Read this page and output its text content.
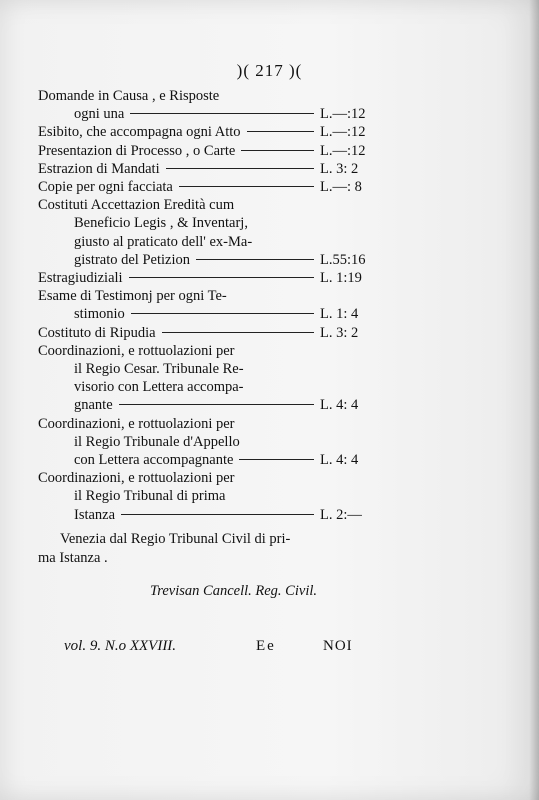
)( 217 )(
Domande in Causa , e Risposte
ogni una	L.—:12
Esibito, che accompagna ogni Atto	L.—:12
Presentazion di Processo , o Carte	L.—:12
Estrazion di Mandati	L. 3: 2
Copie per ogni facciata	L.—: 8
Costituti Accettazion Eredità cum
Beneficio Legis , & Inventarj,
giusto al praticato dell' ex-Ma-
gistrato del Petizion	L.55:16
Estragiudiziali	L. 1:19
Esame di Testimonj per ogni Te-
stimonio	L. 1: 4
Costituto di Ripudia	L. 3: 2
Coordinazioni, e rottuolazioni per
il Regio Cesar. Tribunale Re-
visorio con Lettera accompa-
gnante	L. 4: 4
Coordinazioni, e rottuolazioni per
il Regio Tribunale d'Appello
con Lettera accompagnante	L. 4: 4
Coordinazioni, e rottuolazioni per
il Regio Tribunal di prima
Istanza	L. 2:—
Venezia dal Regio Tribunal Civil di pri-
ma Istanza .
Trevisan Cancell. Reg. Civil.
vol. 9. N.o XXVIII.	Ee	NOI
